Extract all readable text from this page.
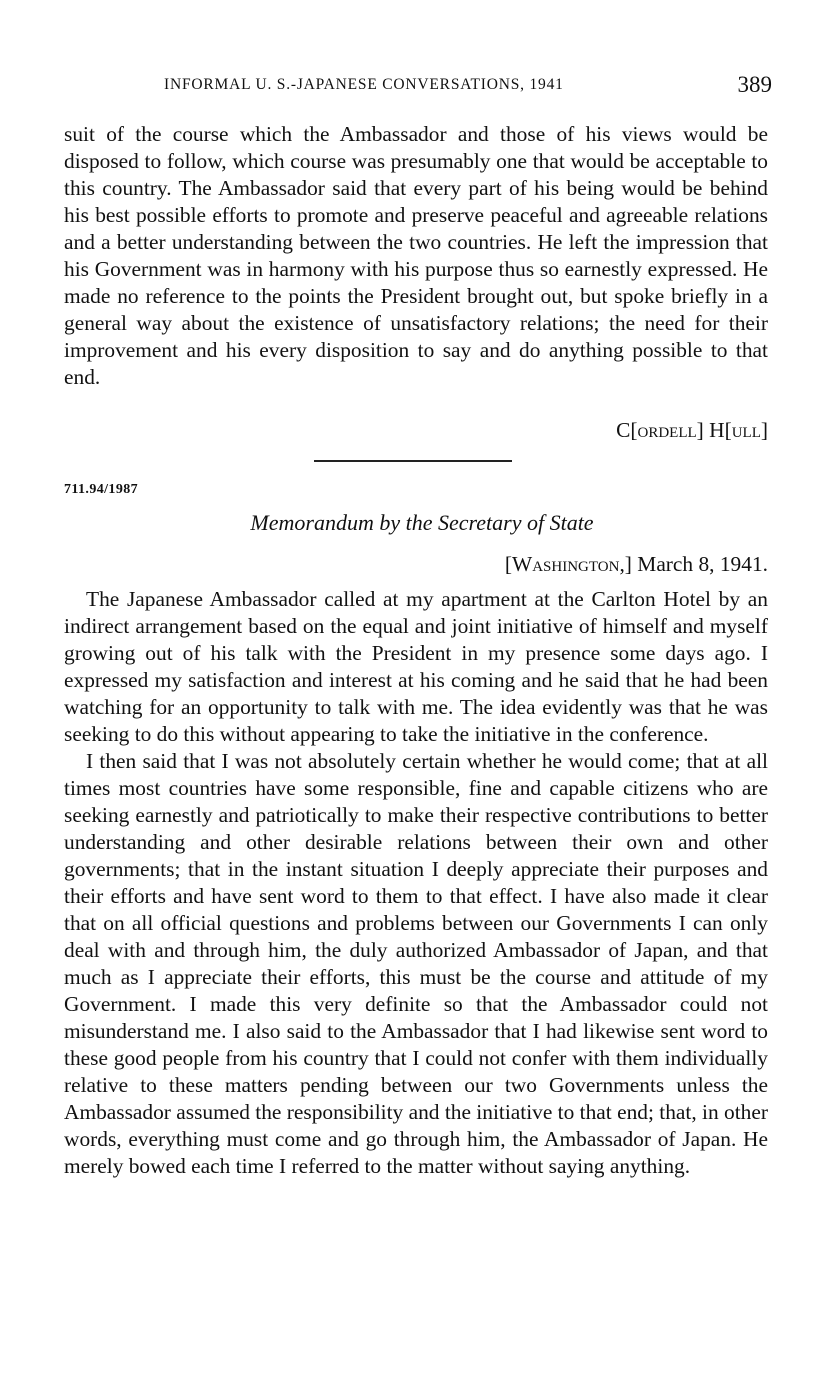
INFORMAL U. S.-JAPANESE CONVERSATIONS, 1941	389

suit of the course which the Ambassador and those of his views would be disposed to follow, which course was presumably one that would be acceptable to this country. The Ambassador said that every part of his being would be behind his best possible efforts to promote and preserve peaceful and agreeable relations and a better understanding between the two countries. He left the impression that his Government was in harmony with his purpose thus so earnestly expressed. He made no reference to the points the President brought out, but spoke briefly in a general way about the existence of unsatisfactory relations; the need for their improvement and his every disposition to say and do anything possible to that end.

C[ordell] H[ull]
711.94/1987
Memorandum by the Secretary of State
[Washington,] March 8, 1941.

The Japanese Ambassador called at my apartment at the Carlton Hotel by an indirect arrangement based on the equal and joint initiative of himself and myself growing out of his talk with the President in my presence some days ago. I expressed my satisfaction and interest at his coming and he said that he had been watching for an opportunity to talk with me. The idea evidently was that he was seeking to do this without appearing to take the initiative in the conference.

I then said that I was not absolutely certain whether he would come; that at all times most countries have some responsible, fine and capable citizens who are seeking earnestly and patriotically to make their respective contributions to better understanding and other desirable relations between their own and other governments; that in the instant situation I deeply appreciate their purposes and their efforts and have sent word to them to that effect. I have also made it clear that on all official questions and problems between our Governments I can only deal with and through him, the duly authorized Ambassador of Japan, and that much as I appreciate their efforts, this must be the course and attitude of my Government. I made this very definite so that the Ambassador could not misunderstand me. I also said to the Ambassador that I had likewise sent word to these good people from his country that I could not confer with them individually relative to these matters pending between our two Governments unless the Ambassador assumed the responsibility and the initiative to that end; that, in other words, everything must come and go through him, the Ambassador of Japan. He merely bowed each time I referred to the matter without saying anything.
